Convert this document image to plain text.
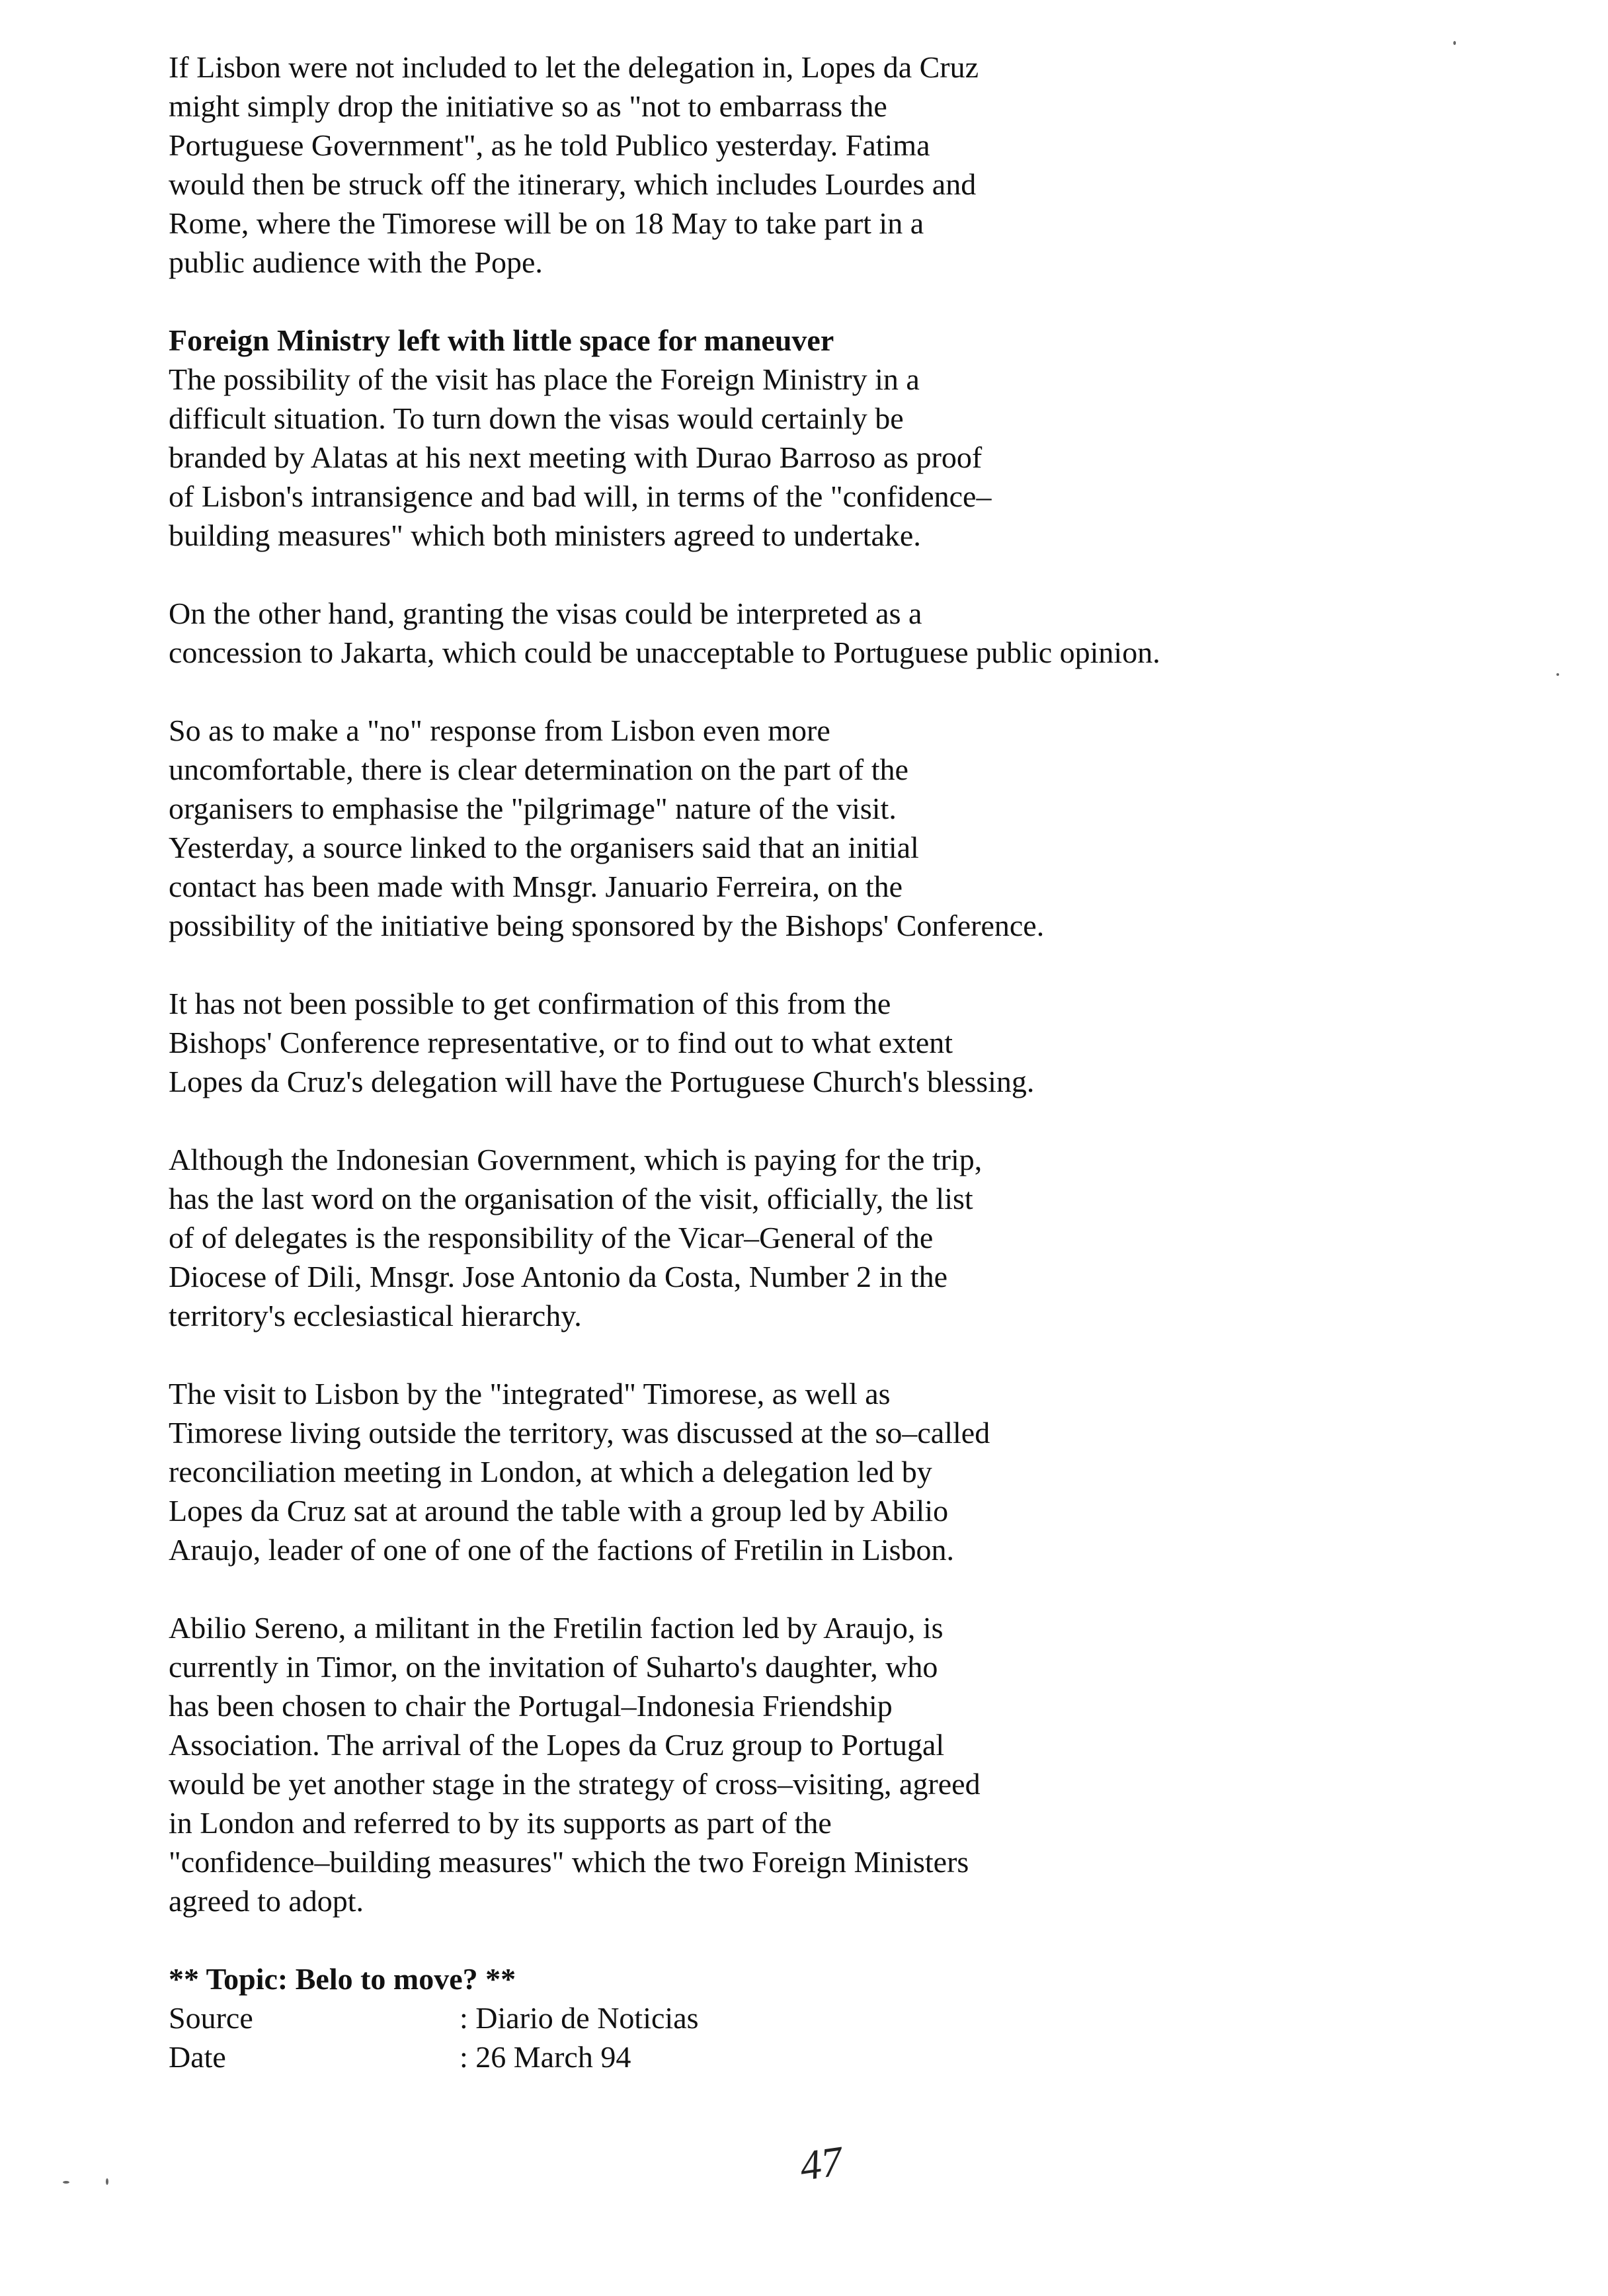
If Lisbon were not included to let the delegation in, Lopes da Cruz
might simply drop the initiative so as "not to embarrass the
Portuguese Government", as he told Publico yesterday. Fatima
would then be struck off the itinerary, which includes Lourdes and
Rome, where the Timorese will be on 18 May to take part in a
public audience with the Pope.
Foreign Ministry left with little space for maneuver
The possibility of the visit has place the Foreign Ministry in a
difficult situation. To turn down the visas would certainly be
branded by Alatas at his next meeting with Durao Barroso as proof
of Lisbon's intransigence and bad will, in terms of the "confidence–
building measures" which both ministers agreed to undertake.
On the other hand, granting the visas could be interpreted as a
concession to Jakarta, which could be unacceptable to Portuguese public opinion.
So as to make a "no" response from Lisbon even more
uncomfortable, there is clear determination on the part of the
organisers to emphasise the "pilgrimage" nature of the visit.
Yesterday, a source linked to the organisers said that an initial
contact has been made with Mnsgr. Januario Ferreira, on the
possibility of the initiative being sponsored by the Bishops' Conference.
It has not been possible to get confirmation of this from the
Bishops' Conference representative, or to find out to what extent
Lopes da Cruz's delegation will have the Portuguese Church's blessing.
Although the Indonesian Government, which is paying for the trip,
has the last word on the organisation of the visit, officially, the list
of of delegates is the responsibility of the Vicar–General of the
Diocese of Dili, Mnsgr. Jose Antonio da Costa, Number 2 in the
territory's ecclesiastical hierarchy.
The visit to Lisbon by the "integrated" Timorese, as well as
Timorese living outside the territory, was discussed at the so–called
reconciliation meeting in London, at which a delegation led by
Lopes da Cruz sat at around the table with a group led by Abilio
Araujo, leader of one of one of the factions of Fretilin in Lisbon.
Abilio Sereno, a militant in the Fretilin faction led by Araujo, is
currently in Timor, on the invitation of Suharto's daughter, who
has been chosen to chair the Portugal–Indonesia Friendship
Association. The arrival of the Lopes da Cruz group to Portugal
would be yet another stage in the strategy of cross–visiting, agreed
in London and referred to by its supports as part of the
"confidence–building measures" which the two Foreign Ministers
agreed to adopt.
** Topic: Belo to move? **
Source	: Diario de Noticias
Date	: 26 March 94
47
